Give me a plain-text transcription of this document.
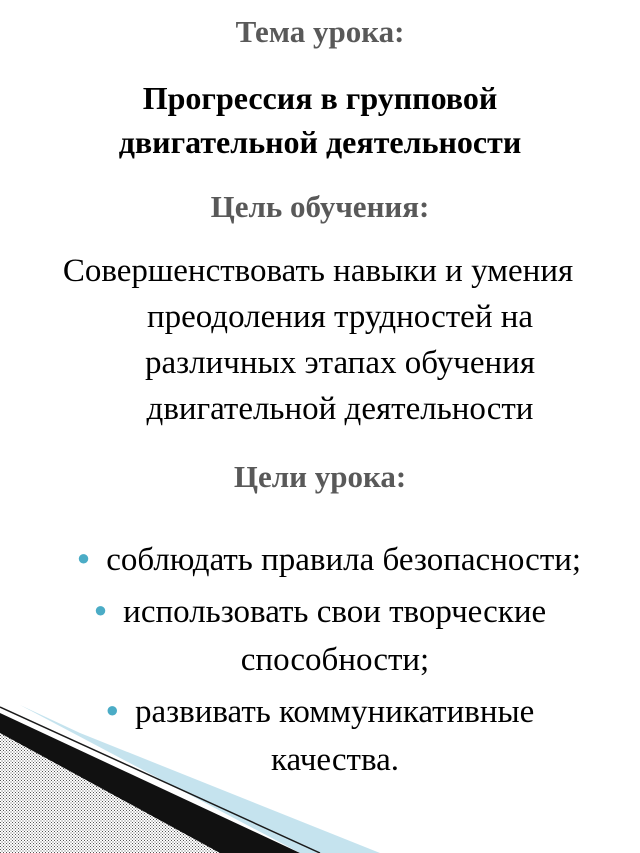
Тема урока:
Прогрессия в групповой
двигательной деятельности
Цель обучения:
Совершенствовать навыки и умения
преодоления трудностей на
различных этапах обучения
двигательной деятельности
Цели урока:
● соблюдать правила безопасности;
● использовать свои творческие
способности;
● развивать коммуникативные
качества.
